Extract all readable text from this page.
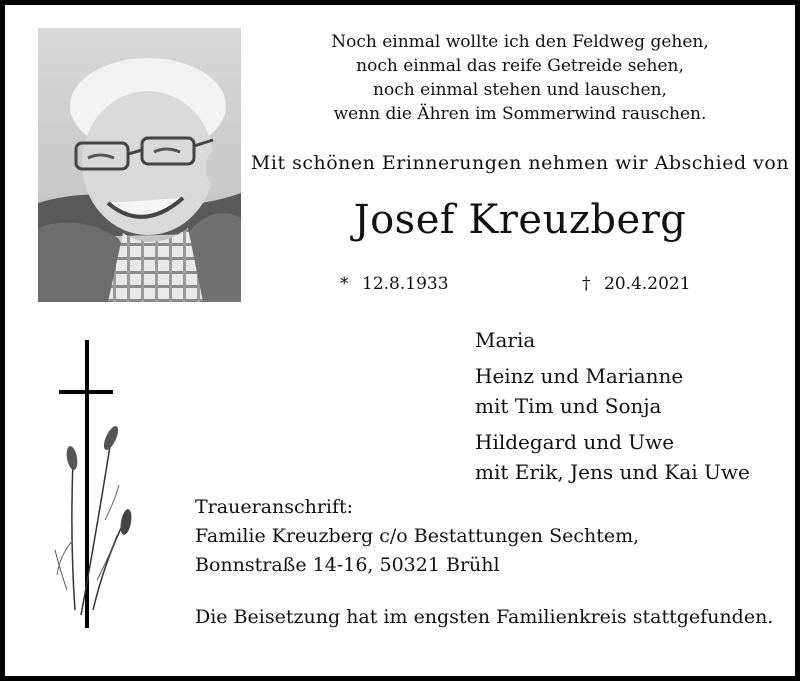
Noch einmal wollte ich den Feldweg gehen,
noch einmal das reife Getreide sehen,
noch einmal stehen und lauschen,
wenn die Ähren im Sommerwind rauschen.
Mit schönen Erinnerungen nehmen wir Abschied von
Josef Kreuzberg
* 12.8.1933	† 20.4.2021
Maria
Heinz und Marianne
mit Tim und Sonja
Hildegard und Uwe
mit Erik, Jens und Kai Uwe
Traueranschrift:
Familie Kreuzberg c/o Bestattungen Sechtem,
Bonnstraße 14-16, 50321 Brühl
Die Beisetzung hat im engsten Familienkreis stattgefunden.
